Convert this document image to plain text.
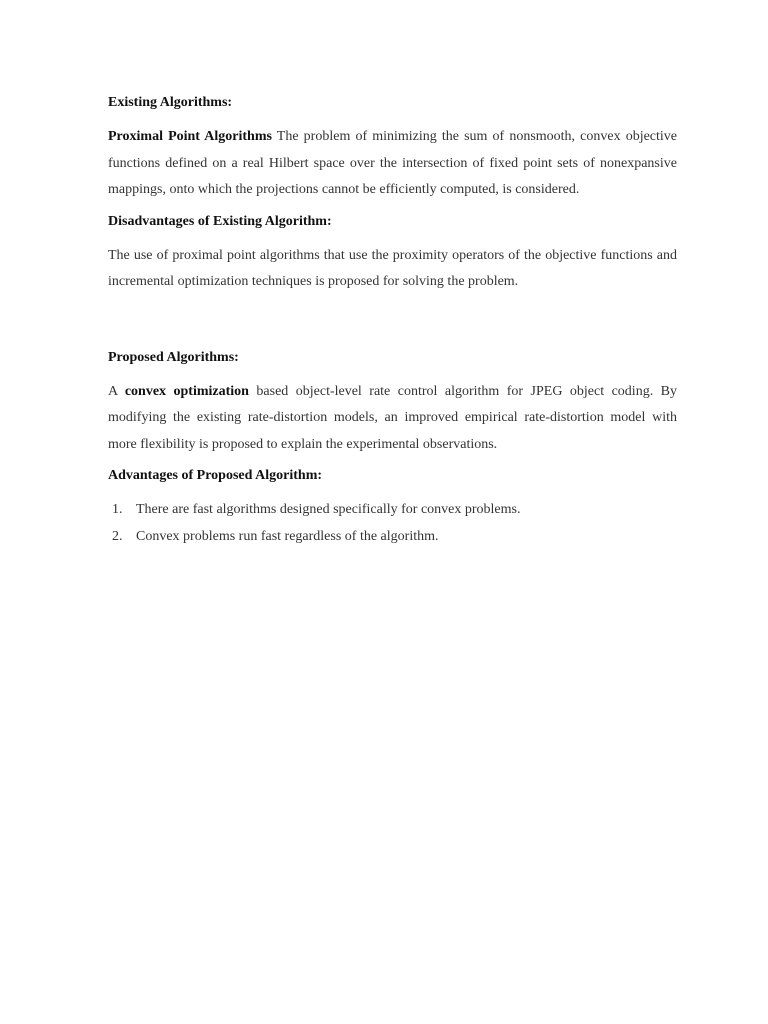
Existing Algorithms:

Proximal Point Algorithms The problem of minimizing the sum of nonsmooth, convex objective functions defined on a real Hilbert space over the intersection of fixed point sets of nonexpansive mappings, onto which the projections cannot be efficiently computed, is considered.

Disadvantages of Existing Algorithm:

The use of proximal point algorithms that use the proximity operators of the objective functions and incremental optimization techniques is proposed for solving the problem.

Proposed Algorithms:

A convex optimization based object-level rate control algorithm for JPEG object coding. By modifying the existing rate-distortion models, an improved empirical rate-distortion model with more flexibility is proposed to explain the experimental observations.

Advantages of Proposed Algorithm:

1. There are fast algorithms designed specifically for convex problems.
2. Convex problems run fast regardless of the algorithm.
